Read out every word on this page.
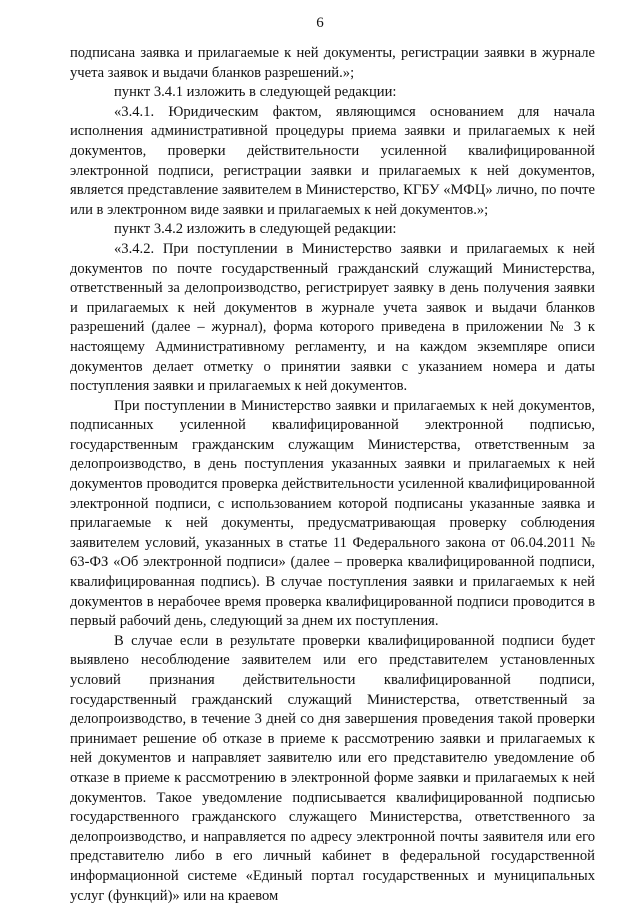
6

подписана заявка и прилагаемые к ней документы, регистрации заявки в журнале учета заявок и выдачи бланков разрешений.»;

пункт 3.4.1 изложить в следующей редакции:

«3.4.1. Юридическим фактом, являющимся основанием для начала исполнения административной процедуры приема заявки и прилагаемых к ней документов, проверки действительности усиленной квалифицированной электронной подписи, регистрации заявки и прилагаемых к ней документов, является представление заявителем в Министерство, КГБУ «МФЦ» лично, по почте или в электронном виде заявки и прилагаемых к ней документов.»;

пункт 3.4.2 изложить в следующей редакции:

«3.4.2. При поступлении в Министерство заявки и прилагаемых к ней документов по почте государственный гражданский служащий Министерства, ответственный за делопроизводство, регистрирует заявку в день получения заявки и прилагаемых к ней документов в журнале учета заявок и выдачи бланков разрешений (далее – журнал), форма которого приведена в приложении № 3 к настоящему Административному регламенту, и на каждом экземпляре описи документов делает отметку о принятии заявки с указанием номера и даты поступления заявки и прилагаемых к ней документов.

При поступлении в Министерство заявки и прилагаемых к ней документов, подписанных усиленной квалифицированной электронной подписью, государственным гражданским служащим Министерства, ответственным за делопроизводство, в день поступления указанных заявки и прилагаемых к ней документов проводится проверка действительности усиленной квалифицированной электронной подписи, с использованием которой подписаны указанные заявка и прилагаемые к ней документы, предусматривающая проверку соблюдения заявителем условий, указанных в статье 11 Федерального закона от 06.04.2011 № 63-ФЗ «Об электронной подписи» (далее – проверка квалифицированной подписи, квалифицированная подпись). В случае поступления заявки и прилагаемых к ней документов в нерабочее время проверка квалифицированной подписи проводится в первый рабочий день, следующий за днем их поступления.

В случае если в результате проверки квалифицированной подписи будет выявлено несоблюдение заявителем или его представителем установленных условий признания действительности квалифицированной подписи, государственный гражданский служащий Министерства, ответственный за делопроизводство, в течение 3 дней со дня завершения проведения такой проверки принимает решение об отказе в приеме к рассмотрению заявки и прилагаемых к ней документов и направляет заявителю или его представителю уведомление об отказе в приеме к рассмотрению в электронной форме заявки и прилагаемых к ней документов. Такое уведомление подписывается квалифицированной подписью государственного гражданского служащего Министерства, ответственного за делопроизводство, и направляется по адресу электронной почты заявителя или его представителю либо в его личный кабинет в федеральной государственной информационной системе «Единый портал государственных и муниципальных услуг (функций)» или на краевом
